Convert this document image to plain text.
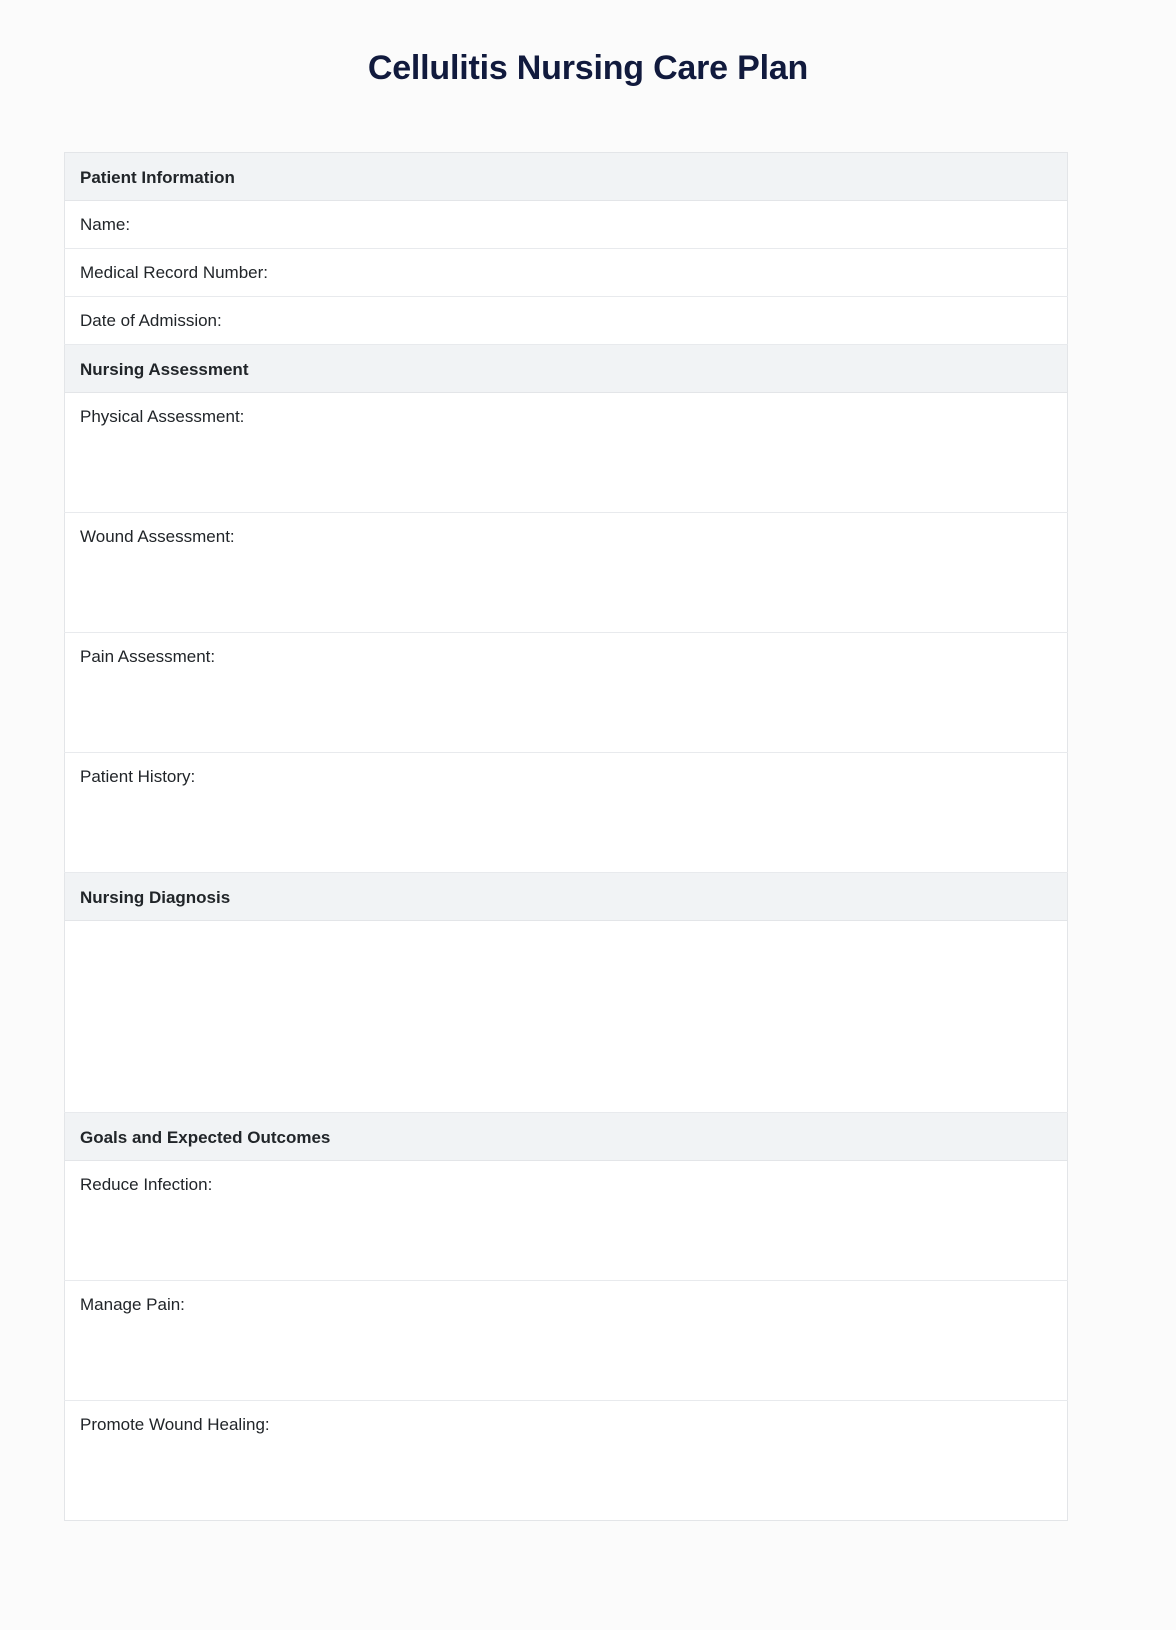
Cellulitis Nursing Care Plan
Patient Information

Name:

Medical Record Number:

Date of Admission:

Nursing Assessment

Physical Assessment:

Wound Assessment:

Pain Assessment:

Patient History:

Nursing Diagnosis

Goals and Expected Outcomes

Reduce Infection:

Manage Pain:

Promote Wound Healing:
